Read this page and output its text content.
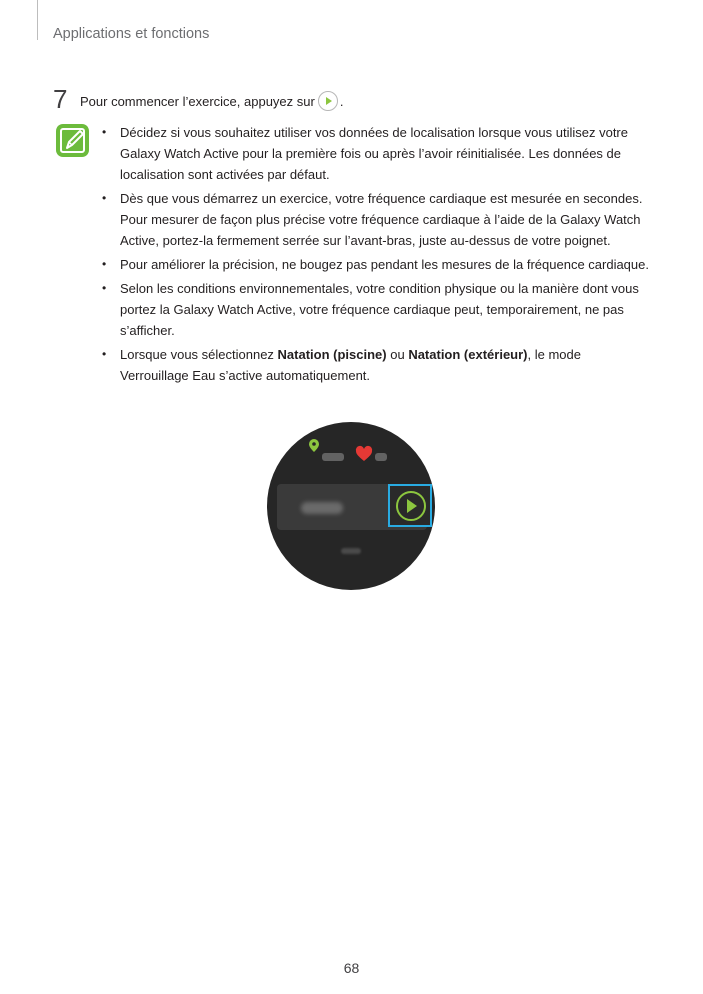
Applications et fonctions
7 Pour commencer l’exercice, appuyez sur .
• Décidez si vous souhaitez utiliser vos données de localisation lorsque vous utilisez votre Galaxy Watch Active pour la première fois ou après l’avoir réinitialisée. Les données de localisation sont activées par défaut.
• Dès que vous démarrez un exercice, votre fréquence cardiaque est mesurée en secondes. Pour mesurer de façon plus précise votre fréquence cardiaque à l’aide de la Galaxy Watch Active, portez-la fermement serrée sur l’avant-bras, juste au-dessus de votre poignet.
• Pour améliorer la précision, ne bougez pas pendant les mesures de la fréquence cardiaque.
• Selon les conditions environnementales, votre condition physique ou la manière dont vous portez la Galaxy Watch Active, votre fréquence cardiaque peut, temporairement, ne pas s’afficher.
• Lorsque vous sélectionnez Natation (piscine) ou Natation (extérieur), le mode Verrouillage Eau s’active automatiquement.
68
